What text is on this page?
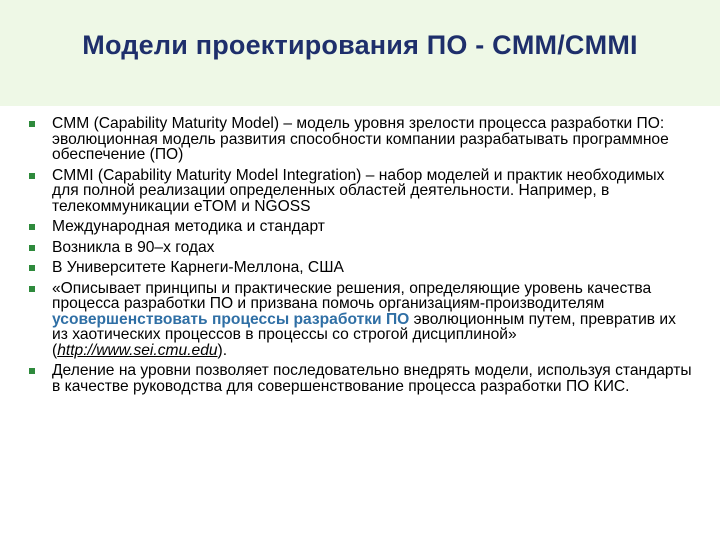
Модели проектирования ПО - CMM/CMMI
CMM (Capability Maturity Model) – модель уровня зрелости процесса разработки ПО: эволюционная модель развития способности компании разрабатывать программное обеспечение (ПО)
CMMI (Capability Maturity Model Integration) – набор моделей и практик необходимых для полной реализации определенных областей деятельности. Например, в телекоммуникации eTOM и NGOSS
Международная методика и стандарт
Возникла в 90–х годах
В Университете Карнеги-Меллона, США
«Описывает принципы и практические решения, определяющие уровень качества процесса разработки ПО и призвана помочь организациям-производителям усовершенствовать процессы разработки ПО эволюционным путем, превратив их из хаотических процессов в процессы со строгой дисциплиной» (http://www.sei.cmu.edu).
Деление на уровни позволяет последовательно внедрять модели, используя стандарты в качестве руководства для совершенствование процесса разработки ПО КИС.
